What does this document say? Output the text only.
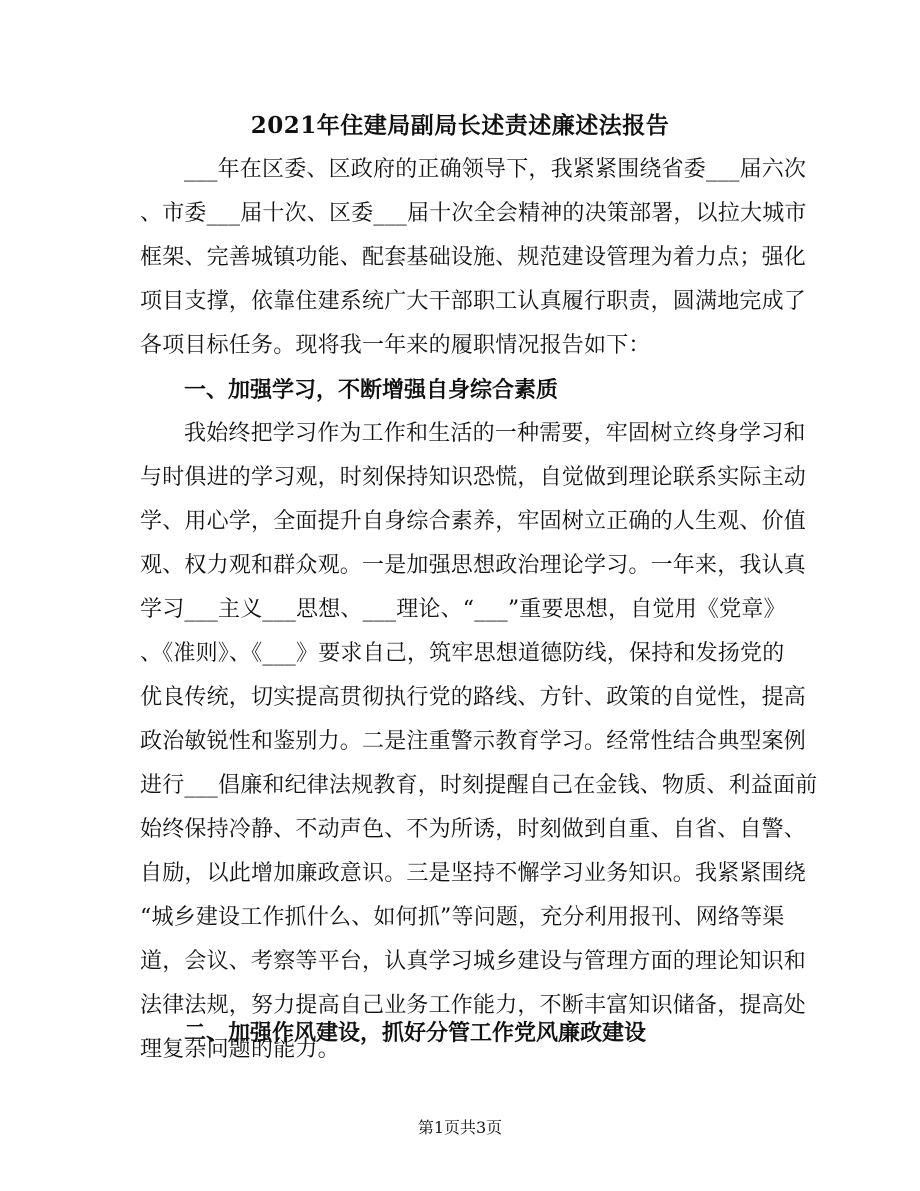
2021年住建局副局长述责述廉述法报告
___年在区委、区政府的正确领导下，我紧紧围绕省委___届六次
、市委___届十次、区委___届十次全会精神的决策部署，以拉大城市
框架、完善城镇功能、配套基础设施、规范建设管理为着力点；强化
项目支撑，依靠住建系统广大干部职工认真履行职责，圆满地完成了
各项目标任务。现将我一年来的履职情况报告如下：
一、加强学习，不断增强自身综合素质
我始终把学习作为工作和生活的一种需要，牢固树立终身学习和
与时俱进的学习观，时刻保持知识恐慌，自觉做到理论联系实际主动
学、用心学，全面提升自身综合素养，牢固树立正确的人生观、价值
观、权力观和群众观。一是加强思想政治理论学习。一年来，我认真
学习___主义___思想、___理论、“___”重要思想，自觉用《党章》
、《准则》、《___》要求自己，筑牢思想道德防线，保持和发扬党的
优良传统，切实提高贯彻执行党的路线、方针、政策的自觉性，提高
政治敏锐性和鉴别力。二是注重警示教育学习。经常性结合典型案例
进行___倡廉和纪律法规教育，时刻提醒自己在金钱、物质、利益面前
始终保持冷静、不动声色、不为所诱，时刻做到自重、自省、自警、
自励，以此增加廉政意识。三是坚持不懈学习业务知识。我紧紧围绕
“城乡建设工作抓什么、如何抓”等问题，充分利用报刊、网络等渠
道，会议、考察等平台，认真学习城乡建设与管理方面的理论知识和
法律法规，努力提高自己业务工作能力，不断丰富知识储备，提高处
理复杂问题的能力。
二、加强作风建设，抓好分管工作党风廉政建设
第1页共3页
